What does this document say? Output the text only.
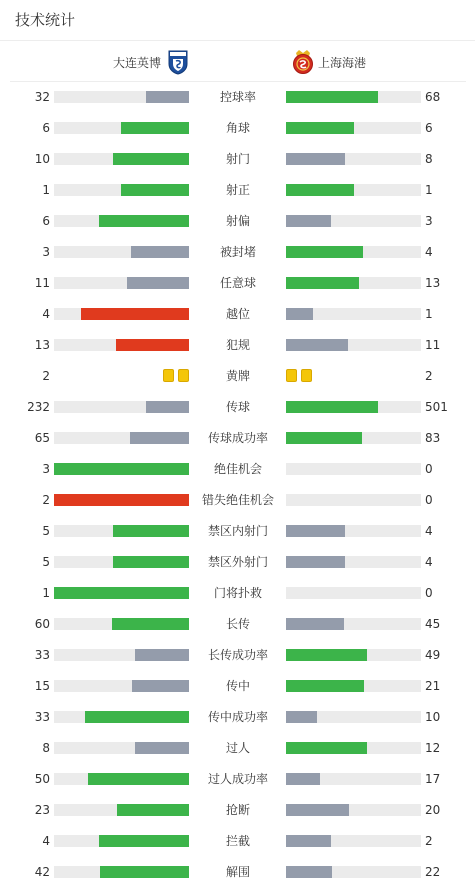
技术统计
大连英博	上海海港
32	控球率	68
6	角球	6
10	射门	8
1	射正	1
6	射偏	3
3	被封堵	4
11	任意球	13
4	越位	1
13	犯规	11
2	黄牌	2
232	传球	501
65	传球成功率	83
3	绝佳机会	0
2	错失绝佳机会	0
5	禁区内射门	4
5	禁区外射门	4
1	门将扑救	0
60	长传	45
33	长传成功率	49
15	传中	21
33	传中成功率	10
8	过人	12
50	过人成功率	17
23	抢断	20
4	拦截	2
42	解围	22
